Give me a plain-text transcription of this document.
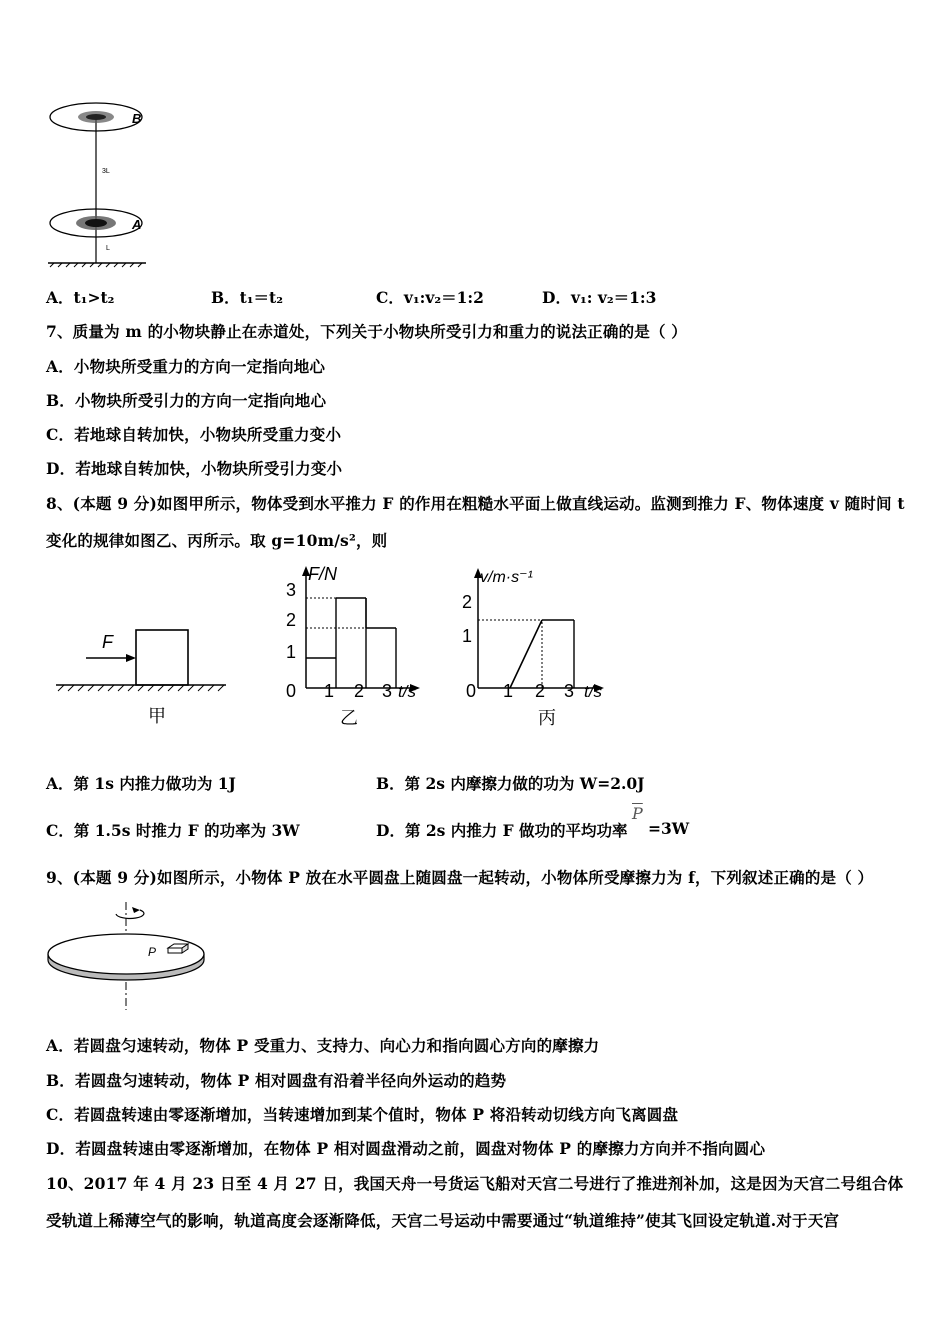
B
A
3L
L
A．t₁>t₂	B．t₁＝t₂	C．v₁:v₂＝1:2	D．v₁: v₂＝1:3
7、质量为 m 的小物块静止在赤道处，下列关于小物块所受引力和重力的说法正确的是（ ）
A．小物块所受重力的方向一定指向地心
B．小物块所受引力的方向一定指向地心
C．若地球自转加快，小物块所受重力变小
D．若地球自转加快，小物块所受引力变小
8、(本题 9 分)如图甲所示，物体受到水平推力 F 的作用在粗糙水平面上做直线运动。监测到推力 F、物体速度 v 随时间 t
变化的规律如图乙、丙所示。取 g=10m/s²，则
F
甲
F/N
t/s
0 1 2 3
1
2
3
乙
v/m·s⁻¹
t/s
0 1 2 3
1
2
丙
A．第 1s 内推力做功为 1J	B．第 2s 内摩擦力做的功为 W=2.0J
C．第 1.5s 时推力 F 的功率为 3W	D．第 2s 内推力 F 做功的平均功率
$\overline{P}$
=3W
9、(本题 9 分)如图所示，小物体 P 放在水平圆盘上随圆盘一起转动，小物体所受摩擦力为 f，下列叙述正确的是（ ）
P
A．若圆盘匀速转动，物体 P 受重力、支持力、向心力和指向圆心方向的摩擦力
B．若圆盘匀速转动，物体 P 相对圆盘有沿着半径向外运动的趋势
C．若圆盘转速由零逐渐增加，当转速增加到某个值时，物体 P 将沿转动切线方向飞离圆盘
D．若圆盘转速由零逐渐增加，在物体 P 相对圆盘滑动之前，圆盘对物体 P 的摩擦力方向并不指向圆心
10、2017 年 4 月 23 日至 4 月 27 日，我国天舟一号货运飞船对天宫二号进行了推进剂补加，这是因为天宫二号组合体
受轨道上稀薄空气的影响，轨道高度会逐渐降低，天宫二号运动中需要通过“轨道维持”使其飞回设定轨道.对于天宫
